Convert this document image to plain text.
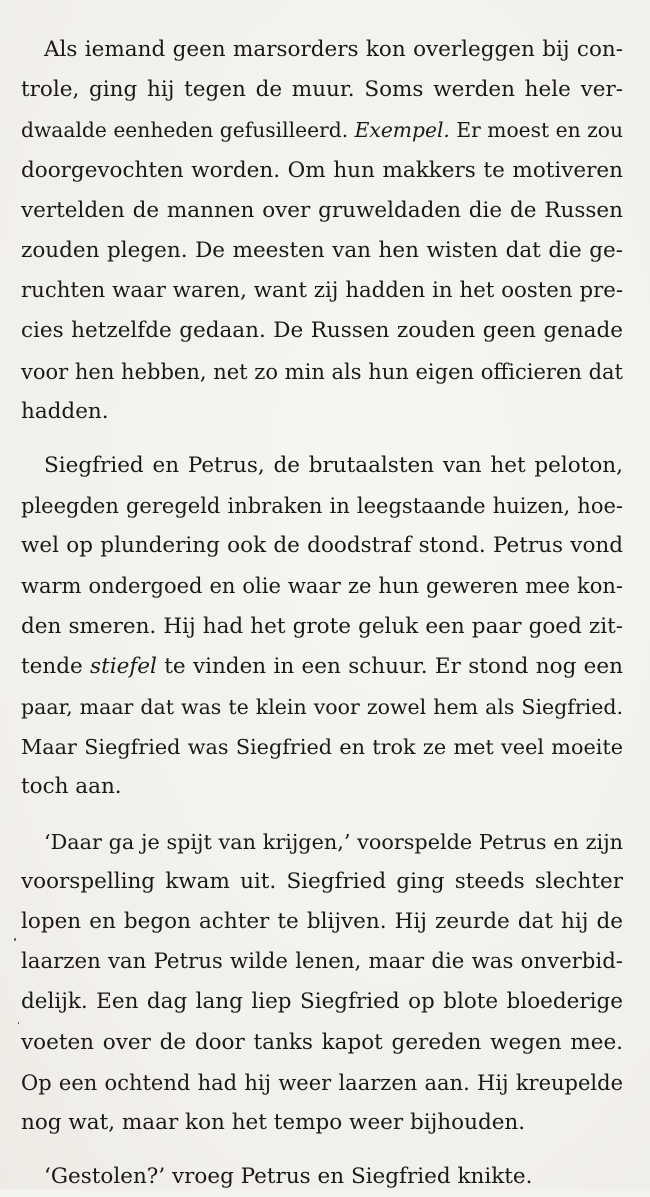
Als iemand geen marsorders kon overleggen bij con-
trole, ging hij tegen de muur. Soms werden hele ver-
dwaalde eenheden gefusilleerd. Exempel. Er moest en zou
doorgevochten worden. Om hun makkers te motiveren
vertelden de mannen over gruweldaden die de Russen
zouden plegen. De meesten van hen wisten dat die ge-
ruchten waar waren, want zij hadden in het oosten pre-
cies hetzelfde gedaan. De Russen zouden geen genade
voor hen hebben, net zo min als hun eigen officieren dat
hadden.

Siegfried en Petrus, de brutaalsten van het peloton,
pleegden geregeld inbraken in leegstaande huizen, hoe-
wel op plundering ook de doodstraf stond. Petrus vond
warm ondergoed en olie waar ze hun geweren mee kon-
den smeren. Hij had het grote geluk een paar goed zit-
tende stiefel te vinden in een schuur. Er stond nog een
paar, maar dat was te klein voor zowel hem als Siegfried.
Maar Siegfried was Siegfried en trok ze met veel moeite
toch aan.

‘Daar ga je spijt van krijgen,’ voorspelde Petrus en zijn
voorspelling kwam uit. Siegfried ging steeds slechter
lopen en begon achter te blijven. Hij zeurde dat hij de
laarzen van Petrus wilde lenen, maar die was onverbid-
delijk. Een dag lang liep Siegfried op blote bloederige
voeten over de door tanks kapot gereden wegen mee.
Op een ochtend had hij weer laarzen aan. Hij kreupelde
nog wat, maar kon het tempo weer bijhouden.

‘Gestolen?’ vroeg Petrus en Siegfried knikte.
